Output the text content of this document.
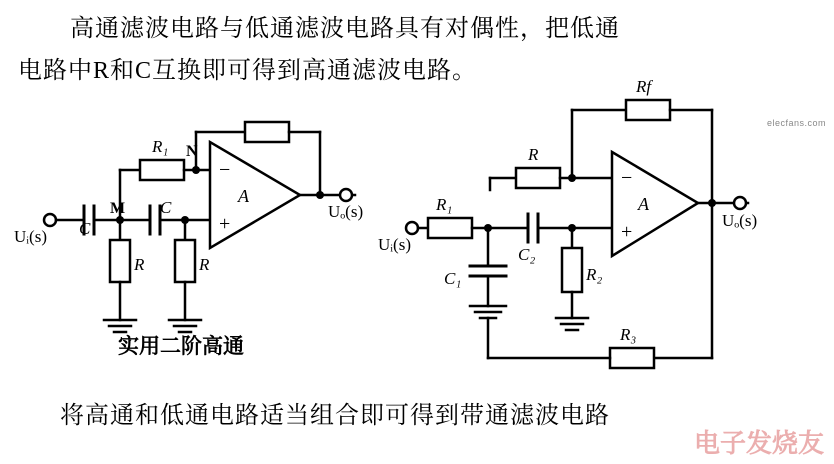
高通滤波电路与低通滤波电路具有对偶性，把低通
电路中R和C互换即可得到高通滤波电路。
Uᵢ(s) C
M C
R₁ N
R	R
−
+
A
Uₒ(s)
Uᵢ(s)
R₁
C₁
C₂
R₂
R
Rf
R₃
−
+
A
Uₒ(s)
实用二阶高通
将高通和低通电路适当组合即可得到带通滤波电路
elecfans.com
电子发烧友
